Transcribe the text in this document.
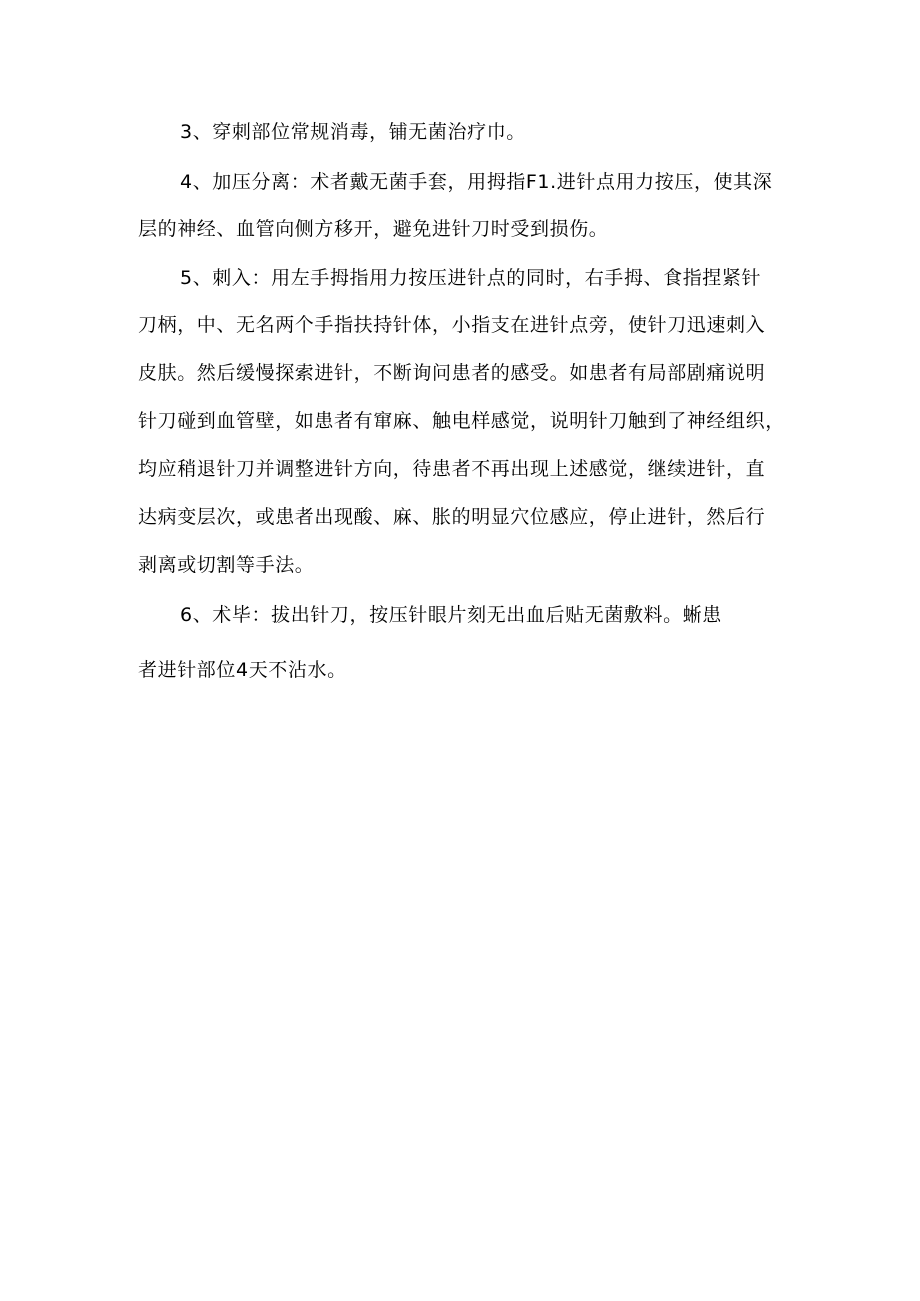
3、穿刺部位常规消毒，铺无菌治疗巾。
4、加压分离：术者戴无菌手套，用拇指F1.进针点用力按压，使其深
层的神经、血管向侧方移开，避免进针刀时受到损伤。
5、刺入：用左手拇指用力按压进针点的同时，右手拇、食指捏紧针
刀柄，中、无名两个手指扶持针体，小指支在进针点旁，使针刀迅速刺入
皮肤。然后缓慢探索进针，不断询问患者的感受。如患者有局部剧痛说明
针刀碰到血管壁，如患者有窜麻、触电样感觉，说明针刀触到了神经组织，
均应稍退针刀并调整进针方向，待患者不再出现上述感觉，继续进针，直
达病变层次，或患者出现酸、麻、胀的明显穴位感应，停止进针，然后行
剥离或切割等手法。
6、术毕：拔出针刀，按压针眼片刻无出血后贴无菌敷料。蜥患
者进针部位4天不沾水。
